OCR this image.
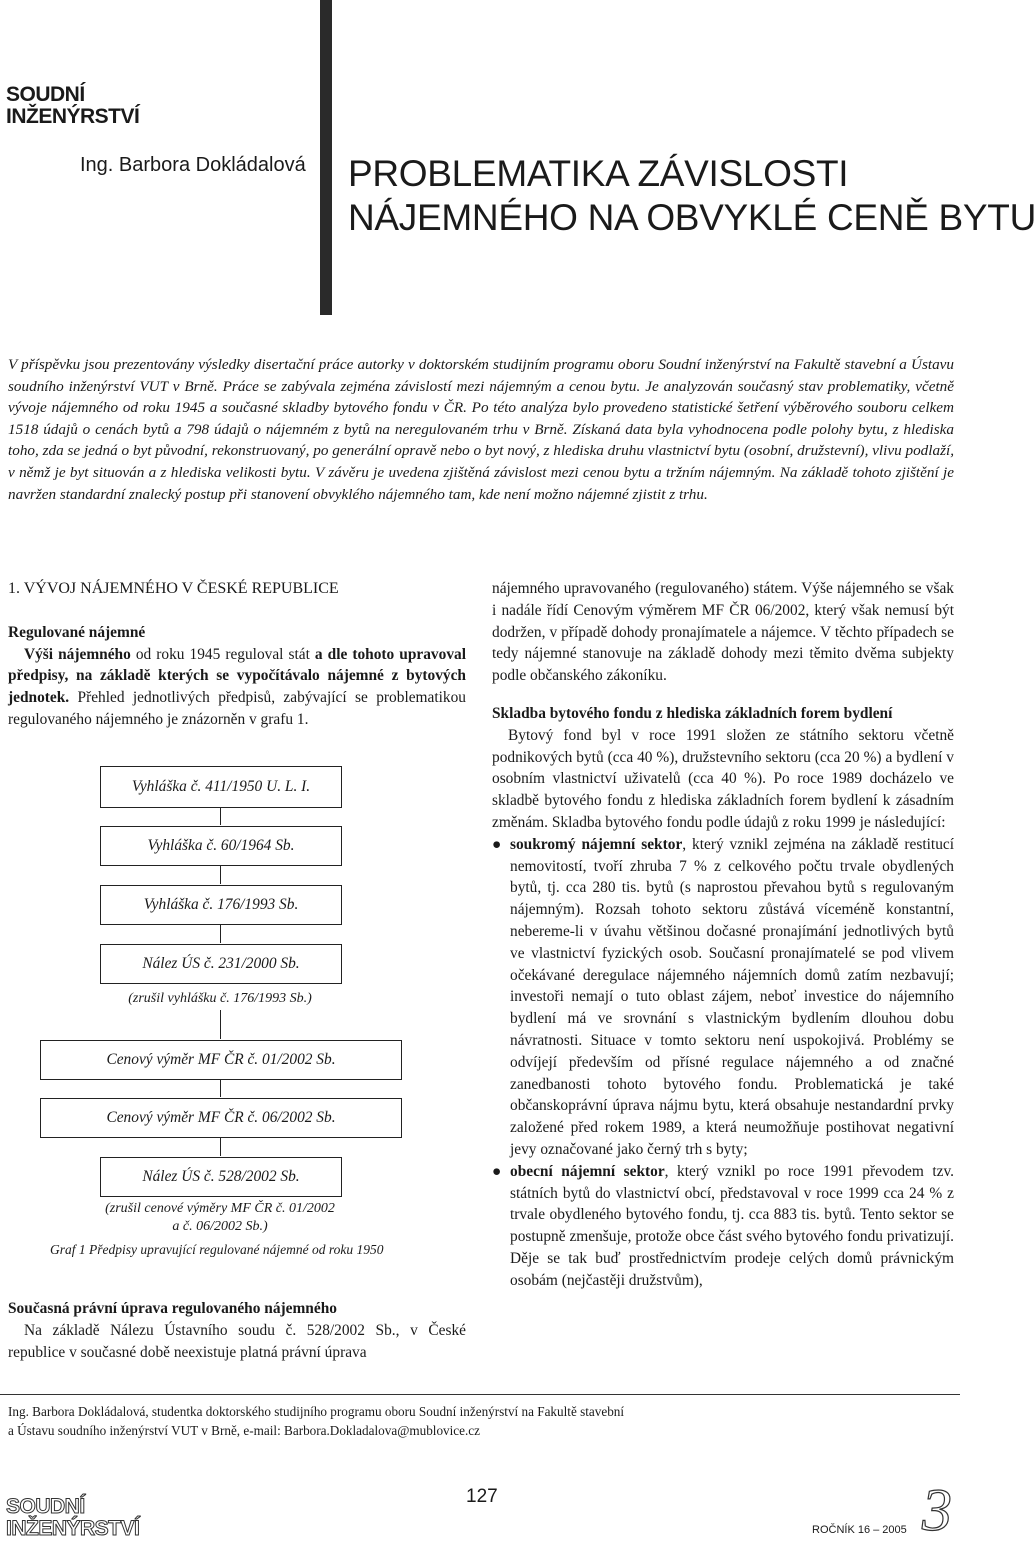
SOUDNÍ
INŽENÝRSTVÍ
Ing. Barbora Dokládalová PROBLEMATIKA ZÁVISLOSTI
NÁJEMNÉHO NA OBVYKLÉ CENĚ BYTU

V příspěvku jsou prezentovány výsledky disertační práce autorky v doktorském studijním programu oboru Soudní inženýrství na Fakultě stavební a Ústavu soudního inženýrství VUT v Brně. Práce se zabývala zejména závislostí mezi nájemným a cenou bytu. Je analyzován současný stav problematiky, včetně vývoje nájemného od roku 1945 a současné skladby bytového fondu v ČR. Po této analýza bylo provedeno statistické šetření výběrového souboru celkem 1518 údajů o cenách bytů a 798 údajů o nájemném z bytů na neregulovaném trhu v Brně. Získaná data byla vyhodnocena podle polohy bytu, z hlediska toho, zda se jedná o byt původní, rekonstruovaný, po generální opravě nebo o byt nový, z hlediska druhu vlastnictví bytu (osobní, družstevní), vlivu podlaží, v němž je byt situován a z hlediska velikosti bytu. V závěru je uvedena zjištěná závislost mezi cenou bytu a tržním nájemným. Na základě tohoto zjištění je navržen standardní znalecký postup při stanovení obvyklého nájemného tam, kde není možno nájemné zjistit z trhu.

1. VÝVOJ NÁJEMNÉHO V ČESKÉ REPUBLICE
Regulované nájemné

Výši nájemného od roku 1945 reguloval stát a dle tohoto upravoval předpisy, na základě kterých se vypočítávalo nájemné z bytových jednotek. Přehled jednotlivých předpisů, zabývající se problematikou regulovaného nájemného je znázorněn v grafu 1.

Vyhláška č. 411/1950 U. L. I.
Vyhláška č. 60/1964 Sb.
Vyhláška č. 176/1993 Sb.
Nález ÚS č. 231/2000 Sb.
(zrušil vyhlášku č. 176/1993 Sb.)
Cenový výměr MF ČR č. 01/2002 Sb.
Cenový výměr MF ČR č. 06/2002 Sb.
Nález ÚS č. 528/2002 Sb.
(zrušil cenové výměry MF ČR č. 01/2002
a č. 06/2002 Sb.)
Graf 1 Předpisy upravující regulované nájemné od roku 1950
Současná právní úprava regulovaného nájemného

Na základě Nálezu Ústavního soudu č. 528/2002 Sb., v České republice v současné době neexistuje platná právní úprava

nájemného upravovaného (regulovaného) státem. Výše nájemného se však i nadále řídí Cenovým výměrem MF ČR 06/2002, který však nemusí být dodržen, v případě dohody pronajímatele a nájemce. V těchto případech se tedy nájemné stanovuje na základě dohody mezi těmito dvěma subjekty podle občanského zákoníku.

Skladba bytového fondu z hlediska základních forem bydlení

Bytový fond byl v roce 1991 složen ze státního sektoru včetně podnikových bytů (cca 40 %), družstevního sektoru (cca 20 %) a bydlení v osobním vlastnictví uživatelů (cca 40 %). Po roce 1989 docházelo ve skladbě bytového fondu z hlediska základních forem bydlení k zásadním změnám. Skladba bytového fondu podle údajů z roku 1999 je následující:

● soukromý nájemní sektor, který vznikl zejména na základě restitucí nemovitostí, tvoří zhruba 7 % z celkového počtu trvale obydlených bytů, tj. cca 280 tis. bytů (s naprostou převahou bytů s regulovaným nájemným). Rozsah tohoto sektoru zůstává víceméně konstantní, nebereme-li v úvahu většinou dočasné pronajímání jednotlivých bytů ve vlastnictví fyzických osob. Současní pronajímatelé se pod vlivem očekávané deregulace nájemného nájemních domů zatím nezbavují; investoři nemají o tuto oblast zájem, neboť investice do nájemního bydlení má ve srovnání s vlastnickým bydlením dlouhou dobu návratnosti. Situace v tomto sektoru není uspokojivá. Problémy se odvíjejí především od přísné regulace nájemného a od značné zanedbanosti tohoto bytového fondu. Problematická je také občanskoprávní úprava nájmu bytu, která obsahuje nestandardní prvky založené před rokem 1989, a která neumožňuje postihovat negativní jevy označované jako černý trh s byty;
● obecní nájemní sektor, který vznikl po roce 1991 převodem tzv. státních bytů do vlastnictví obcí, představoval v roce 1999 cca 24 % z trvale obydleného bytového fondu, tj. cca 883 tis. bytů. Tento sektor se postupně zmenšuje, protože obce část svého bytového fondu privatizují. Děje se tak buď prostřednictvím prodeje celých domů právnickým osobám (nejčastěji družstvům),
Ing. Barbora Dokládalová, studentka doktorského studijního programu oboru Soudní inženýrství na Fakultě stavební
a Ústavu soudního inženýrství VUT v Brně, e-mail: Barbora.Dokladalova@mublovice.cz
SOUDNÍ
INŽENÝRSTVÍ
127
ROČNÍK 16 – 2005 3
